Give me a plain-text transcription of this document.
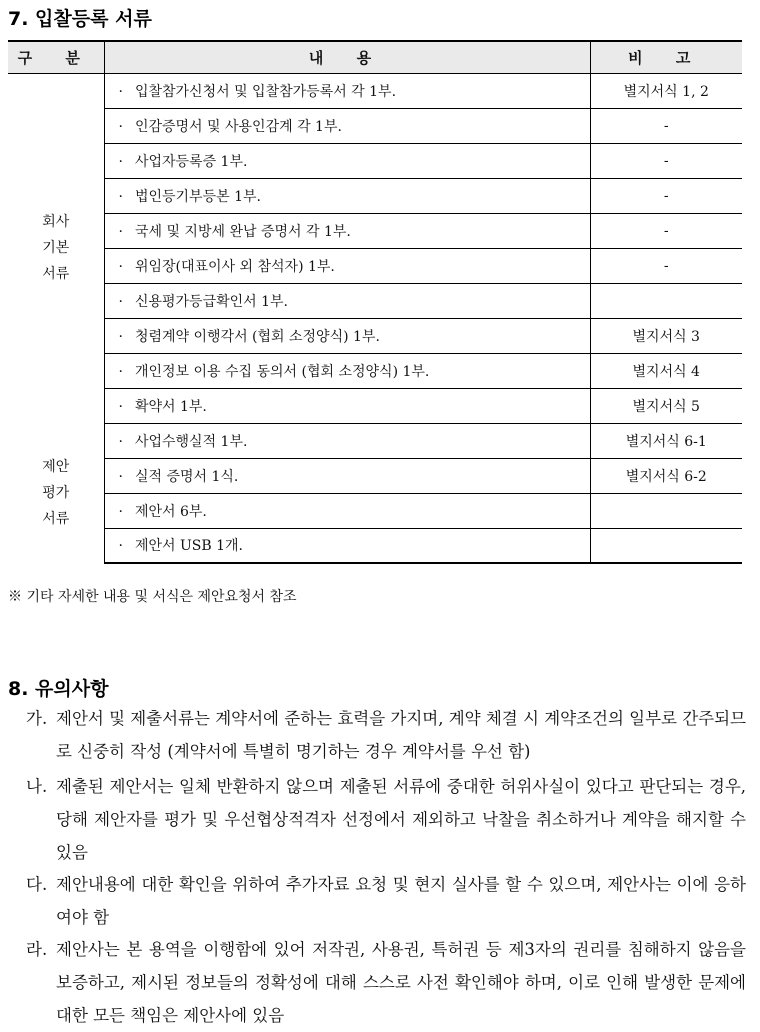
7. 입찰등록 서류
구 분	내 용	비 고

회사
기본
서류	· 입찰참가신청서 및 입찰참가등록서 각 1부.	별지서식 1, 2
	· 인감증명서 및 사용인감계 각 1부.	-
	· 사업자등록증 1부.	-
	· 법인등기부등본 1부.	-
	· 국세 및 지방세 완납 증명서 각 1부.	-
	· 위임장(대표이사 외 참석자) 1부.	-
	· 신용평가등급확인서 1부.	
	· 청렴계약 이행각서 (협회 소정양식) 1부.	별지서식 3
	· 개인정보 이용 수집 동의서 (협회 소정양식) 1부.	별지서식 4
	· 확약서 1부.	별지서식 5

제안
평가
서류	· 사업수행실적 1부.	별지서식 6-1
	· 실적 증명서 1식.	별지서식 6-2
	· 제안서 6부.	
	· 제안서 USB 1개.	
※ 기타 자세한 내용 및 서식은 제안요청서 참조
8. 유의사항
가. 제안서 및 제출서류는 계약서에 준하는 효력을 가지며, 계약 체결 시 계약조건의 일부로 간주되므로 신중히 작성 (계약서에 특별히 명기하는 경우 계약서를 우선 함)
나. 제출된 제안서는 일체 반환하지 않으며 제출된 서류에 중대한 허위사실이 있다고 판단되는 경우, 당해 제안자를 평가 및 우선협상적격자 선정에서 제외하고 낙찰을 취소하거나 계약을 해지할 수 있음
다. 제안내용에 대한 확인을 위하여 추가자료 요청 및 현지 실사를 할 수 있으며, 제안사는 이에 응하여야 함
라. 제안사는 본 용역을 이행함에 있어 저작권, 사용권, 특허권 등 제3자의 권리를 침해하지 않음을 보증하고, 제시된 정보들의 정확성에 대해 스스로 사전 확인해야 하며, 이로 인해 발생한 문제에 대한 모든 책임은 제안사에 있음
